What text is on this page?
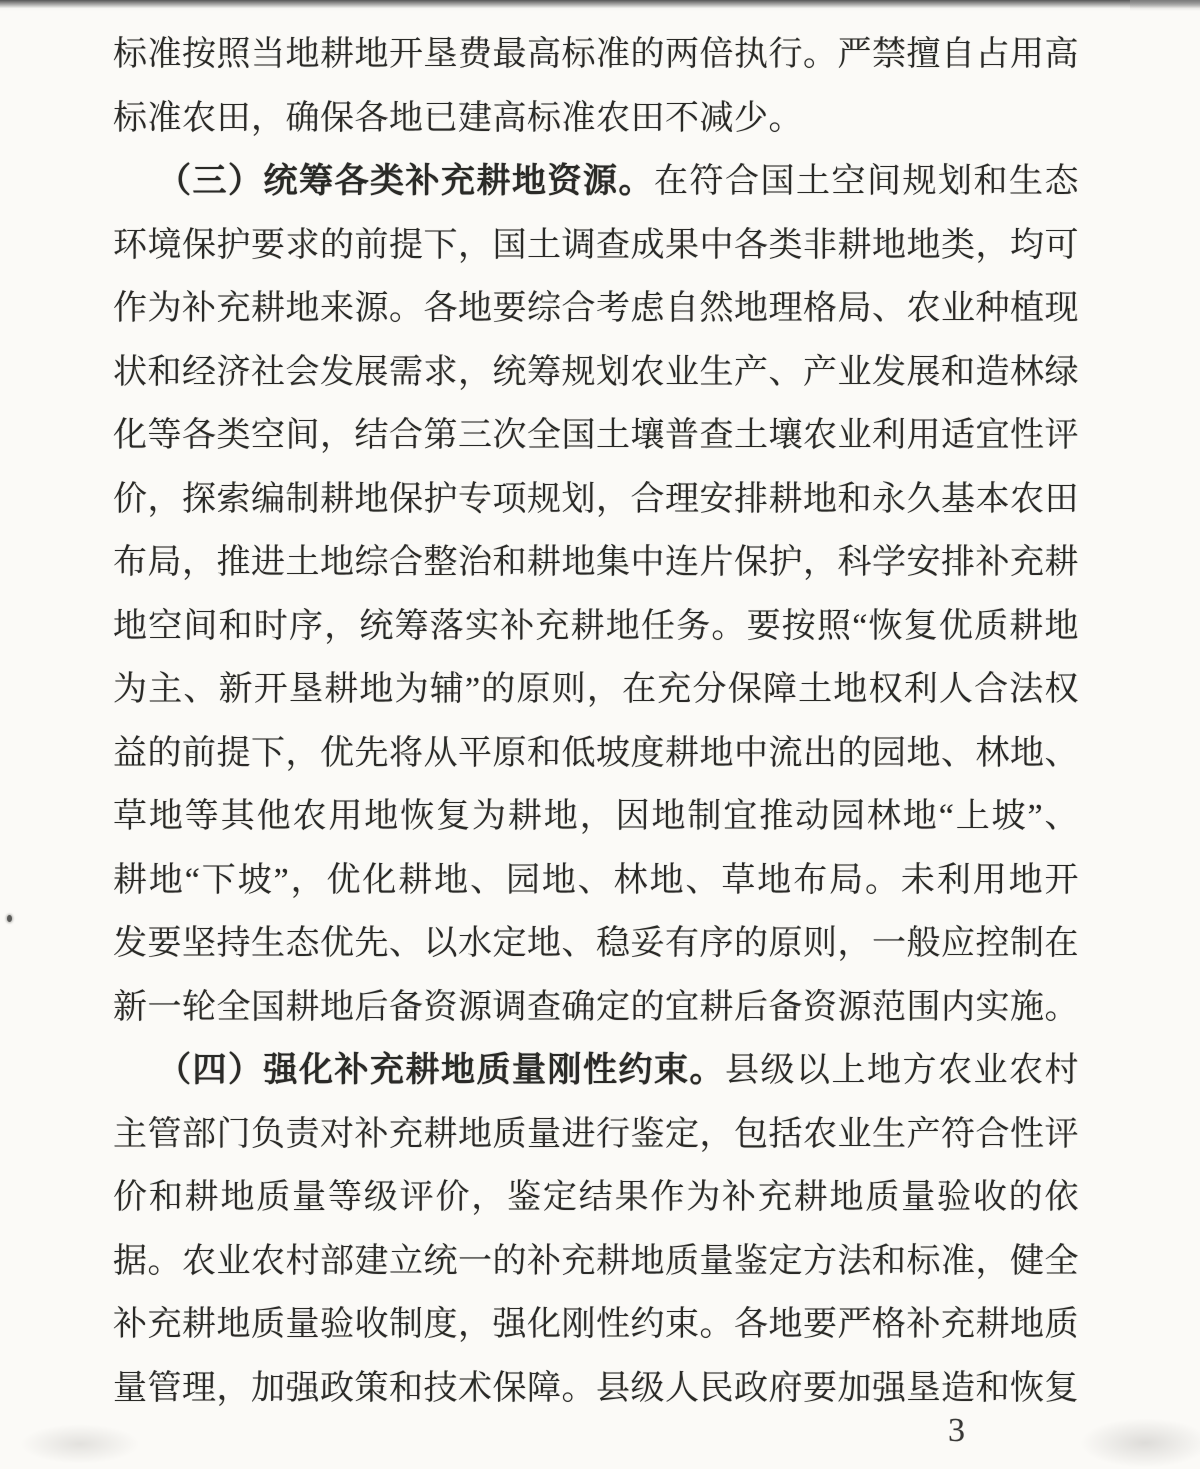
标准按照当地耕地开垦费最高标准的两倍执行。严禁擅自占用高
标准农田，确保各地已建高标准农田不减少。
（三）统筹各类补充耕地资源。在符合国土空间规划和生态
环境保护要求的前提下，国土调查成果中各类非耕地地类，均可
作为补充耕地来源。各地要综合考虑自然地理格局、农业种植现
状和经济社会发展需求，统筹规划农业生产、产业发展和造林绿
化等各类空间，结合第三次全国土壤普查土壤农业利用适宜性评
价，探索编制耕地保护专项规划，合理安排耕地和永久基本农田
布局，推进土地综合整治和耕地集中连片保护，科学安排补充耕
地空间和时序，统筹落实补充耕地任务。要按照“恢复优质耕地
为主、新开垦耕地为辅”的原则，在充分保障土地权利人合法权
益的前提下，优先将从平原和低坡度耕地中流出的园地、林地、
草地等其他农用地恢复为耕地，因地制宜推动园林地“上坡”、
耕地“下坡”，优化耕地、园地、林地、草地布局。未利用地开
发要坚持生态优先、以水定地、稳妥有序的原则，一般应控制在
新一轮全国耕地后备资源调查确定的宜耕后备资源范围内实施。
（四）强化补充耕地质量刚性约束。县级以上地方农业农村
主管部门负责对补充耕地质量进行鉴定，包括农业生产符合性评
价和耕地质量等级评价，鉴定结果作为补充耕地质量验收的依
据。农业农村部建立统一的补充耕地质量鉴定方法和标准，健全
补充耕地质量验收制度，强化刚性约束。各地要严格补充耕地质
量管理，加强政策和技术保障。县级人民政府要加强垦造和恢复
3
